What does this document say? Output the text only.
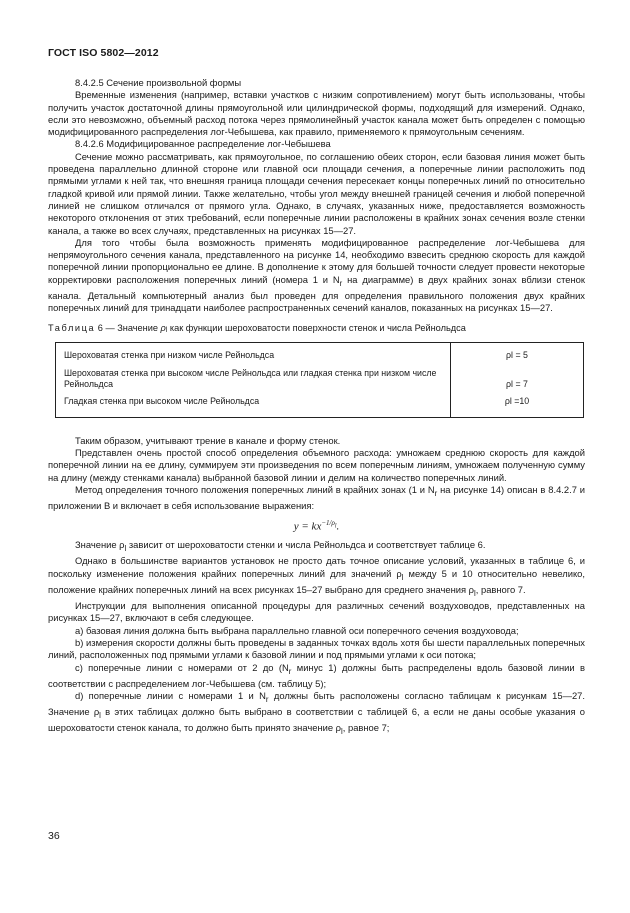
ГОСТ ISO 5802—2012

8.4.2.5 Сечение произвольной формы

Временные изменения (например, вставки участков с низким сопротивлением) могут быть использованы, чтобы получить участок достаточной длины прямоугольной или цилиндрической формы, подходящий для измерений. Однако, если это невозможно, объемный расход потока через прямолинейный участок канала может быть определен с помощью модифицированного распределения лог-Чебышева, как правило, применяемого к прямоугольным сечениям.

8.4.2.6 Модифицированное распределение лог-Чебышева

Сечение можно рассматривать, как прямоугольное, по соглашению обеих сторон, если базовая линия может быть проведена параллельно длинной стороне или главной оси площади сечения, а поперечные линии расположить под прямыми углами к ней так, что внешняя граница площади сечения пересекает концы поперечных линий по относительно гладкой кривой или прямой линии. Также желательно, чтобы угол между внешней границей сечения и любой поперечной линией не слишком отличался от прямого угла. Однако, в случаях, указанных ниже, предоставляется возможность некоторого отклонения от этих требований, если поперечные линии расположены в крайних зонах сечения возле стенки канала, а также во всех случаях, представленных на рисунках 15—27.

Для того чтобы была возможность применять модифицированное распределение лог-Чебышева для непрямоугольного сечения канала, представленного на рисунке 14, необходимо взвесить среднюю скорость для каждой поперечной линии пропорционально ее длине. В дополнение к этому для большей точности следует провести некоторые корректировки расположения поперечных линий (номера 1 и $N_r$ на диаграмме) в двух крайних зонах вблизи стенок канала. Детальный компьютерный анализ был проведен для определения правильного положения двух крайних поперечных линий для тринадцати наиболее распространенных сечений каналов, показанных на рисунках 15—27.

Таблица 6 — Значение ρl как функции шероховатости поверхности стенок и числа Рейнольдса
Шероховатая стенка при низком числе Рейнольдса	ρl = 5
Шероховатая стенка при высоком числе Рейнольдса или гладкая стенка при низком числе Рейнольдса	ρl = 7
Гладкая стенка при высоком числе Рейнольдса	ρl =10

Таким образом, учитывают трение в канале и форму стенок.

Представлен очень простой способ определения объемного расхода: умножаем среднюю скорость для каждой поперечной линии на ее длину, суммируем эти произведения по всем поперечным линиям, умножаем полученную сумму на длину (между стенками канала) выбранной базовой линии и делим на количество поперечных линий.

Метод определения точного положения поперечных линий в крайних зонах (1 и $N_r$ на рисунке 14) описан в 8.4.2.7 и приложении В и включает в себя использование выражения:

$y = kx^{-1/\rho_l}$.

Значение $\rho_l$ зависит от шероховатости стенки и числа Рейнольдса и соответствует таблице 6.

Однако в большинстве вариантов установок не просто дать точное описание условий, указанных в таблице 6, и поскольку изменение положения крайних поперечных линий для значений $\rho_l$ между 5 и 10 относительно невелико, положение крайних поперечных линий на всех рисунках 15–27 выбрано для среднего значения $\rho_l$, равного 7.

Инструкции для выполнения описанной процедуры для различных сечений воздуховодов, представленных на рисунках 15—27, включают в себя следующее.

a) базовая линия должна быть выбрана параллельно главной оси поперечного сечения воздуховода;

b) измерения скорости должны быть проведены в заданных точках вдоль хотя бы шести параллельных поперечных линий, расположенных под прямыми углами к базовой линии и под прямыми углами к оси потока;

c) поперечные линии c номерами от 2 до ($N_r$ минус 1) должны быть распределены вдоль базовой линии в соответствии с распределением лог-Чебышева (см. таблицу 5);

d) поперечные линии c номерами 1 и $N_r$ должны быть расположены согласно таблицам к рисункам 15—27. Значение $\rho_l$ в этих таблицах должно быть выбрано в соответствии с таблицей 6, а если не даны особые указания о шероховатости стенок канала, то должно быть принято значение $\rho_l$, равное 7;

36
